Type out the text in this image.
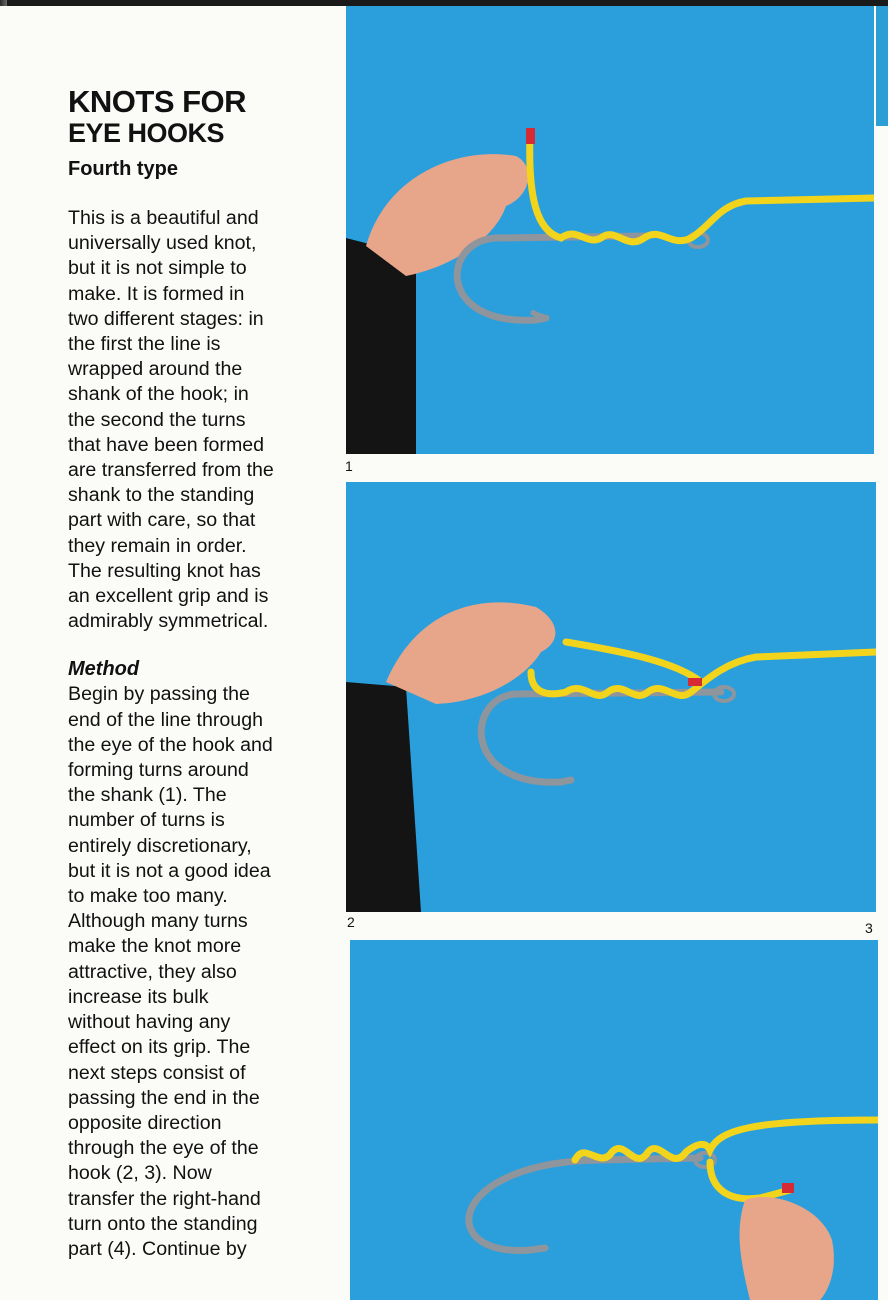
KNOTS FOR
EYE HOOKS
Fourth type

This is a beautiful and
universally used knot,
but it is not simple to
make. It is formed in
two different stages: in
the first the line is
wrapped around the
shank of the hook; in
the second the turns
that have been formed
are transferred from the
shank to the standing
part with care, so that
they remain in order.
The resulting knot has
an excellent grip and is
admirably symmetrical.

Method

Begin by passing the
end of the line through
the eye of the hook and
forming turns around
the shank (1). The
number of turns is
entirely discretionary,
but it is not a good idea
to make too many.
Although many turns
make the knot more
attractive, they also
increase its bulk
without having any
effect on its grip. The
next steps consist of
passing the end in the
opposite direction
through the eye of the
hook (2, 3). Now
transfer the right-hand
turn onto the standing
part (4). Continue by

1
2	3
